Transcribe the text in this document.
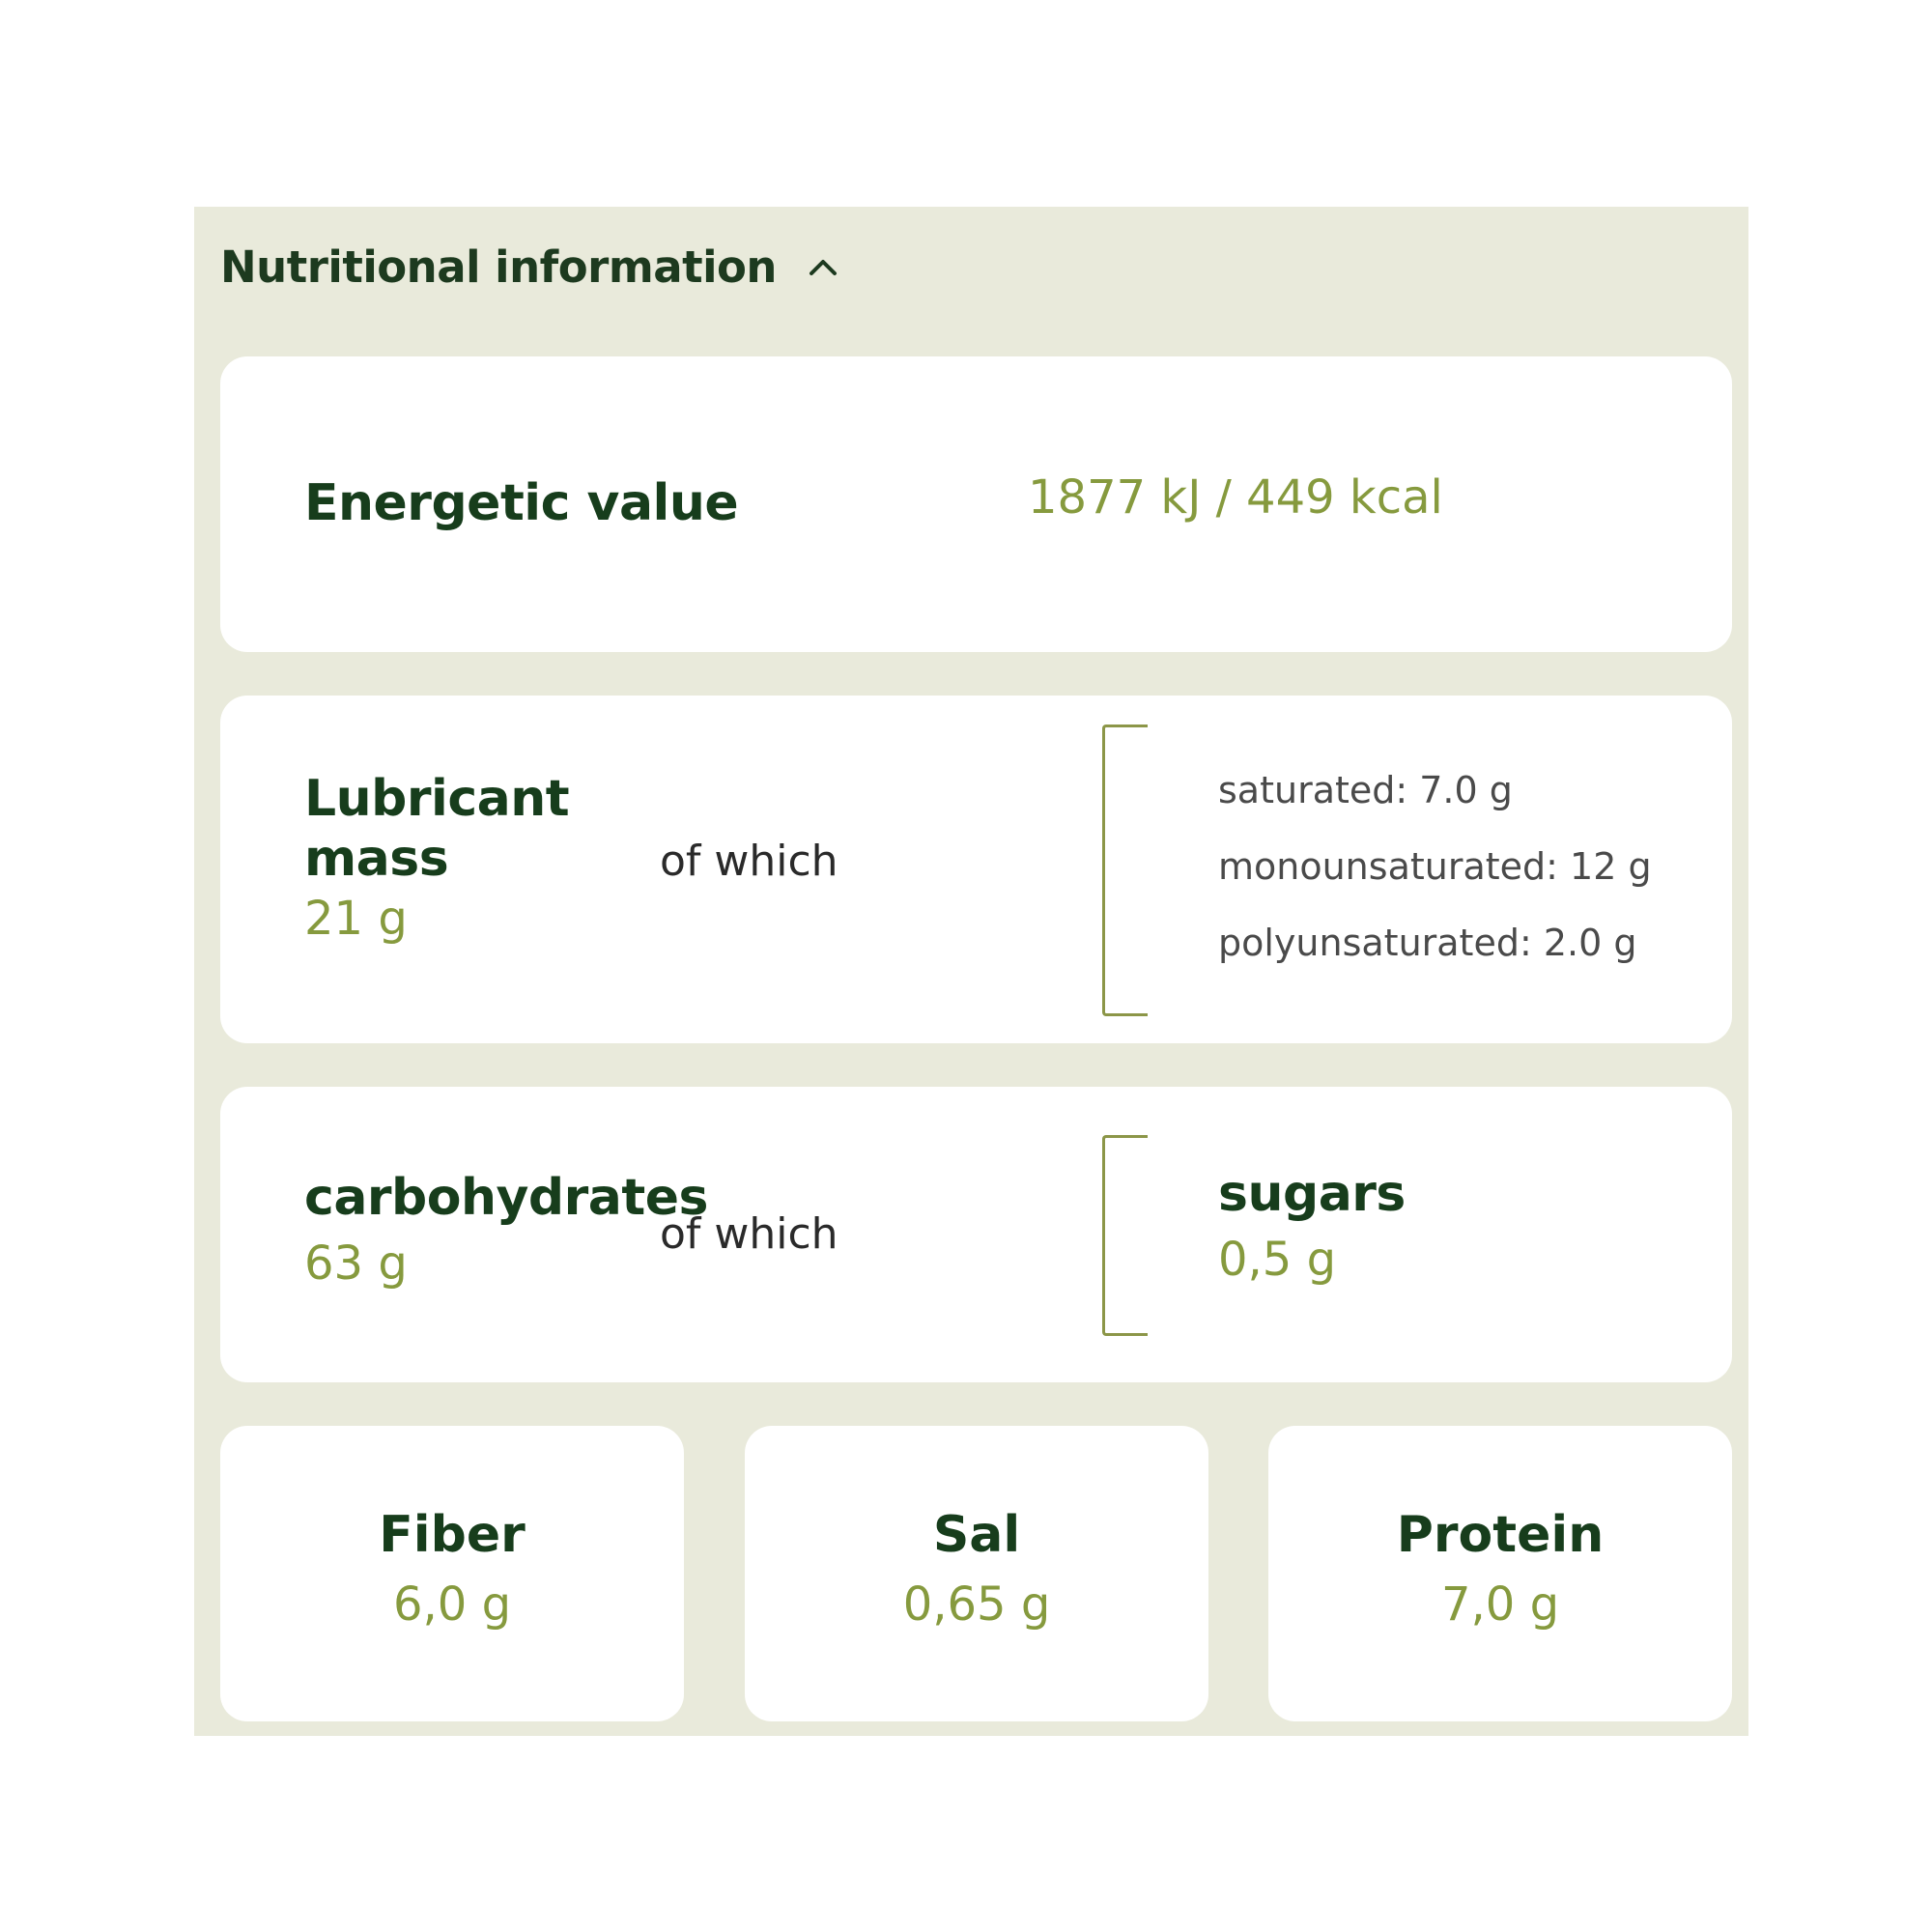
Nutritional information
Energetic value	1877 kJ / 449 kcal
Lubricant
mass
21 g
of which
saturated: 7.0 g
monounsaturated: 12 g
polyunsaturated: 2.0 g
carbohydrates
63 g
of which
sugars
0,5 g
Fiber
6,0 g
Sal
0,65 g
Protein
7,0 g
